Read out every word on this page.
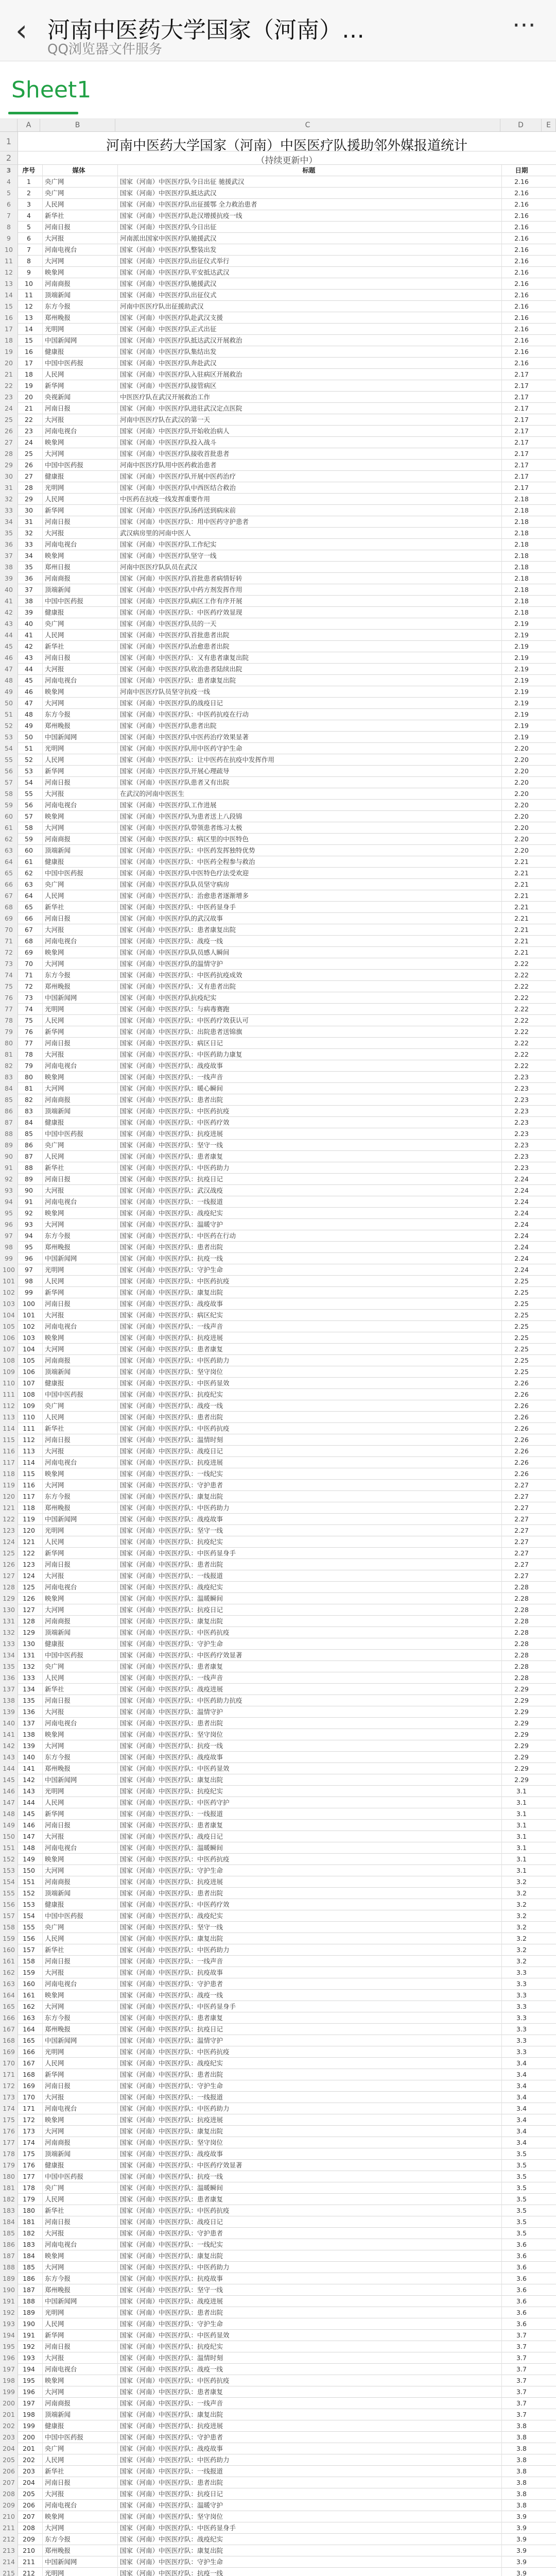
‹ 河南中医药大学国家（河南）…
QQ浏览器文件服务
⋯
Sheet1
A	B	C	D	E
1	河南中医药大学国家（河南）中医医疗队援助邻外媒报道统计
2	（持续更新中）
3	序号	媒体	标题	日期
4	1	央广网	国家（河南）中医医疗队今日出征 驰援武汉	2.16
5	2	央广网	国家（河南）中医医疗队抵达武汉	2.16
6	3	人民网	国家（河南）中医医疗队出征援鄂 全力救治患者	2.16
7	4	新华社	国家（河南）中医医疗队赴汉增援抗疫一线	2.16
8	5	河南日报	国家（河南）中医医疗队今日出征	2.16
9	6	大河报	河南派出国家中医医疗队驰援武汉	2.16
10	7	河南电视台	国家（河南）中医医疗队整装出发	2.16
11	8	大河网	国家（河南）中医医疗队出征仪式举行	2.16
12	9	映象网	国家（河南）中医医疗队平安抵达武汉	2.16
13	10	河南商报	国家（河南）中医医疗队驰援武汉	2.16
14	11	顶端新闻	国家（河南）中医医疗队出征仪式	2.16
15	12	东方今报	河南中医医疗队出征援助武汉	2.16
16	13	郑州晚报	国家（河南）中医医疗队赴武汉支援	2.16
17	14	光明网	国家（河南）中医医疗队正式出征	2.16
18	15	中国新闻网	国家（河南）中医医疗队抵达武汉开展救治	2.16
19	16	健康报	国家（河南）中医医疗队集结出发	2.16
20	17	中国中医药报	国家（河南）中医医疗队奔赴武汉	2.16
21	18	人民网	国家（河南）中医医疗队入驻病区开展救治	2.17
22	19	新华网	国家（河南）中医医疗队接管病区	2.17
23	20	央视新闻	中医医疗队在武汉开展救治工作	2.17
24	21	河南日报	国家（河南）中医医疗队进驻武汉定点医院	2.17
25	22	大河报	河南中医医疗队在武汉的第一天	2.17
26	23	河南电视台	国家（河南）中医医疗队开始收治病人	2.17
27	24	映象网	国家（河南）中医医疗队投入战斗	2.17
28	25	大河网	国家（河南）中医医疗队接收首批患者	2.17
29	26	中国中医药报	河南中医医疗队用中医药救治患者	2.17
30	27	健康报	国家（河南）中医医疗队开展中医药治疗	2.17
31	28	光明网	国家（河南）中医医疗队中西医结合救治	2.17
32	29	人民网	中医药在抗疫一线发挥重要作用	2.18
33	30	新华网	国家（河南）中医医疗队汤药送到病床前	2.18
34	31	河南日报	国家（河南）中医医疗队：用中医药守护患者	2.18
35	32	大河报	武汉病房里的河南中医人	2.18
36	33	河南电视台	国家（河南）中医医疗队工作纪实	2.18
37	34	映象网	国家（河南）中医医疗队坚守一线	2.18
38	35	郑州日报	河南中医医疗队队员在武汉	2.18
39	36	河南商报	国家（河南）中医医疗队首批患者病情好转	2.18
40	37	顶端新闻	国家（河南）中医医疗队中药方剂发挥作用	2.18
41	38	中国中医药报	国家（河南）中医医疗队病区工作有序开展	2.18
42	39	健康报	国家（河南）中医医疗队：中医药疗效显现	2.18
43	40	央广网	国家（河南）中医医疗队员的一天	2.19
44	41	人民网	国家（河南）中医医疗队首批患者出院	2.19
45	42	新华社	国家（河南）中医医疗队治愈患者出院	2.19
46	43	河南日报	国家（河南）中医医疗队：又有患者康复出院	2.19
47	44	大河报	国家（河南）中医医疗队收治患者陆续出院	2.19
48	45	河南电视台	国家（河南）中医医疗队：患者康复出院	2.19
49	46	映象网	河南中医医疗队员坚守抗疫一线	2.19
50	47	大河网	国家（河南）中医医疗队的战疫日记	2.19
51	48	东方今报	国家（河南）中医医疗队：中医药抗疫在行动	2.19
52	49	郑州晚报	国家（河南）中医医疗队患者出院	2.19
53	50	中国新闻网	国家（河南）中医医疗队中医药治疗效果显著	2.19
54	51	光明网	国家（河南）中医医疗队用中医药守护生命	2.20
55	52	人民网	国家（河南）中医医疗队：让中医药在抗疫中发挥作用	2.20
56	53	新华网	国家（河南）中医医疗队开展心理疏导	2.20
57	54	河南日报	国家（河南）中医医疗队患者又有出院	2.20
58	55	大河报	在武汉的河南中医医生	2.20
59	56	河南电视台	国家（河南）中医医疗队工作进展	2.20
60	57	映象网	国家（河南）中医医疗队为患者送上八段锦	2.20
61	58	大河网	国家（河南）中医医疗队带领患者练习太极	2.20
62	59	河南商报	国家（河南）中医医疗队：病区里的中医特色	2.20
63	60	顶端新闻	国家（河南）中医医疗队：中医药发挥独特优势	2.20
64	61	健康报	国家（河南）中医医疗队：中医药全程参与救治	2.21
65	62	中国中医药报	国家（河南）中医医疗队中医特色疗法受欢迎	2.21
66	63	央广网	国家（河南）中医医疗队队员坚守病房	2.21
67	64	人民网	国家（河南）中医医疗队：治愈患者逐渐增多	2.21
68	65	新华社	国家（河南）中医医疗队：中医药显身手	2.21
69	66	河南日报	国家（河南）中医医疗队的武汉故事	2.21
70	67	大河报	国家（河南）中医医疗队：患者康复出院	2.21
71	68	河南电视台	国家（河南）中医医疗队：战疫一线	2.21
72	69	映象网	国家（河南）中医医疗队队员感人瞬间	2.21
73	70	大河网	国家（河南）中医医疗队的温情守护	2.22
74	71	东方今报	国家（河南）中医医疗队：中医药抗疫成效	2.22
75	72	郑州晚报	国家（河南）中医医疗队：又有患者出院	2.22
76	73	中国新闻网	国家（河南）中医医疗队抗疫纪实	2.22
77	74	光明网	国家（河南）中医医疗队：与病毒赛跑	2.22
78	75	人民网	国家（河南）中医医疗队：中医药疗效获认可	2.22
79	76	新华网	国家（河南）中医医疗队：出院患者送锦旗	2.22
80	77	河南日报	国家（河南）中医医疗队：病区日记	2.22
81	78	大河报	国家（河南）中医医疗队：中医药助力康复	2.22
82	79	河南电视台	国家（河南）中医医疗队：战疫故事	2.22
83	80	映象网	国家（河南）中医医疗队：一线声音	2.23
84	81	大河网	国家（河南）中医医疗队：暖心瞬间	2.23
85	82	河南商报	国家（河南）中医医疗队：患者出院	2.23
86	83	顶端新闻	国家（河南）中医医疗队：中医药抗疫	2.23
87	84	健康报	国家（河南）中医医疗队：中医药疗效	2.23
88	85	中国中医药报	国家（河南）中医医疗队：抗疫进展	2.23
89	86	央广网	国家（河南）中医医疗队：坚守一线	2.23
90	87	人民网	国家（河南）中医医疗队：患者康复	2.23
91	88	新华社	国家（河南）中医医疗队：中医药助力	2.23
92	89	河南日报	国家（河南）中医医疗队：抗疫日记	2.24
93	90	大河报	国家（河南）中医医疗队：武汉战疫	2.24
94	91	河南电视台	国家（河南）中医医疗队：一线报道	2.24
95	92	映象网	国家（河南）中医医疗队：战疫纪实	2.24
96	93	大河网	国家（河南）中医医疗队：温暖守护	2.24
97	94	东方今报	国家（河南）中医医疗队：中医药在行动	2.24
98	95	郑州晚报	国家（河南）中医医疗队：患者出院	2.24
99	96	中国新闻网	国家（河南）中医医疗队：抗疫一线	2.24
100	97	光明网	国家（河南）中医医疗队：守护生命	2.24
101	98	人民网	国家（河南）中医医疗队：中医药抗疫	2.25
102	99	新华网	国家（河南）中医医疗队：康复出院	2.25
103	100	河南日报	国家（河南）中医医疗队：战疫故事	2.25
104	101	大河报	国家（河南）中医医疗队：病区纪实	2.25
105	102	河南电视台	国家（河南）中医医疗队：一线声音	2.25
106	103	映象网	国家（河南）中医医疗队：抗疫进展	2.25
107	104	大河网	国家（河南）中医医疗队：患者康复	2.25
108	105	河南商报	国家（河南）中医医疗队：中医药助力	2.25
109	106	顶端新闻	国家（河南）中医医疗队：坚守岗位	2.25
110	107	健康报	国家（河南）中医医疗队：中医药显效	2.26
111	108	中国中医药报	国家（河南）中医医疗队：抗疫纪实	2.26
112	109	央广网	国家（河南）中医医疗队：战疫一线	2.26
113	110	人民网	国家（河南）中医医疗队：患者出院	2.26
114	111	新华社	国家（河南）中医医疗队：中医药抗疫	2.26
115	112	河南日报	国家（河南）中医医疗队：温情时刻	2.26
116	113	大河报	国家（河南）中医医疗队：战疫日记	2.26
117	114	河南电视台	国家（河南）中医医疗队：抗疫进展	2.26
118	115	映象网	国家（河南）中医医疗队：一线纪实	2.26
119	116	大河网	国家（河南）中医医疗队：守护患者	2.27
120	117	东方今报	国家（河南）中医医疗队：康复出院	2.27
121	118	郑州晚报	国家（河南）中医医疗队：中医药助力	2.27
122	119	中国新闻网	国家（河南）中医医疗队：战疫故事	2.27
123	120	光明网	国家（河南）中医医疗队：坚守一线	2.27
124	121	人民网	国家（河南）中医医疗队：抗疫纪实	2.27
125	122	新华网	国家（河南）中医医疗队：中医药显身手	2.27
126	123	河南日报	国家（河南）中医医疗队：患者出院	2.27
127	124	大河报	国家（河南）中医医疗队：一线报道	2.27
128	125	河南电视台	国家（河南）中医医疗队：战疫纪实	2.28
129	126	映象网	国家（河南）中医医疗队：温暖瞬间	2.28
130	127	大河网	国家（河南）中医医疗队：抗疫日记	2.28
131	128	河南商报	国家（河南）中医医疗队：康复出院	2.28
132	129	顶端新闻	国家（河南）中医医疗队：中医药抗疫	2.28
133	130	健康报	国家（河南）中医医疗队：守护生命	2.28
134	131	中国中医药报	国家（河南）中医医疗队：中医药疗效显著	2.28
135	132	央广网	国家（河南）中医医疗队：患者康复	2.28
136	133	人民网	国家（河南）中医医疗队：一线声音	2.28
137	134	新华社	国家（河南）中医医疗队：战疫进展	2.29
138	135	河南日报	国家（河南）中医医疗队：中医药助力抗疫	2.29
139	136	大河报	国家（河南）中医医疗队：温情守护	2.29
140	137	河南电视台	国家（河南）中医医疗队：患者出院	2.29
141	138	映象网	国家（河南）中医医疗队：坚守岗位	2.29
142	139	大河网	国家（河南）中医医疗队：抗疫一线	2.29
143	140	东方今报	国家（河南）中医医疗队：战疫故事	2.29
144	141	郑州晚报	国家（河南）中医医疗队：中医药显效	2.29
145	142	中国新闻网	国家（河南）中医医疗队：康复出院	2.29
146	143	光明网	国家（河南）中医医疗队：抗疫纪实	3.1
147	144	人民网	国家（河南）中医医疗队：中医药守护	3.1
148	145	新华网	国家（河南）中医医疗队：一线报道	3.1
149	146	河南日报	国家（河南）中医医疗队：患者康复	3.1
150	147	大河报	国家（河南）中医医疗队：战疫日记	3.1
151	148	河南电视台	国家（河南）中医医疗队：温暖瞬间	3.1
152	149	映象网	国家（河南）中医医疗队：中医药抗疫	3.1
153	150	大河网	国家（河南）中医医疗队：守护生命	3.1
154	151	河南商报	国家（河南）中医医疗队：抗疫进展	3.2
155	152	顶端新闻	国家（河南）中医医疗队：患者出院	3.2
156	153	健康报	国家（河南）中医医疗队：中医药疗效	3.2
157	154	中国中医药报	国家（河南）中医医疗队：战疫纪实	3.2
158	155	央广网	国家（河南）中医医疗队：坚守一线	3.2
159	156	人民网	国家（河南）中医医疗队：康复出院	3.2
160	157	新华社	国家（河南）中医医疗队：中医药助力	3.2
161	158	河南日报	国家（河南）中医医疗队：一线声音	3.2
162	159	大河报	国家（河南）中医医疗队：抗疫故事	3.3
163	160	河南电视台	国家（河南）中医医疗队：守护患者	3.3
164	161	映象网	国家（河南）中医医疗队：战疫一线	3.3
165	162	大河网	国家（河南）中医医疗队：中医药显身手	3.3
166	163	东方今报	国家（河南）中医医疗队：患者康复	3.3
167	164	郑州晚报	国家（河南）中医医疗队：抗疫日记	3.3
168	165	中国新闻网	国家（河南）中医医疗队：温情守护	3.3
169	166	光明网	国家（河南）中医医疗队：中医药抗疫	3.3
170	167	人民网	国家（河南）中医医疗队：战疫纪实	3.4
171	168	新华网	国家（河南）中医医疗队：患者出院	3.4
172	169	河南日报	国家（河南）中医医疗队：守护生命	3.4
173	170	大河报	国家（河南）中医医疗队：一线报道	3.4
174	171	河南电视台	国家（河南）中医医疗队：中医药助力	3.4
175	172	映象网	国家（河南）中医医疗队：抗疫进展	3.4
176	173	大河网	国家（河南）中医医疗队：康复出院	3.4
177	174	河南商报	国家（河南）中医医疗队：坚守岗位	3.4
178	175	顶端新闻	国家（河南）中医医疗队：战疫故事	3.5
179	176	健康报	国家（河南）中医医疗队：中医药疗效显著	3.5
180	177	中国中医药报	国家（河南）中医医疗队：抗疫一线	3.5
181	178	央广网	国家（河南）中医医疗队：温暖瞬间	3.5
182	179	人民网	国家（河南）中医医疗队：患者康复	3.5
183	180	新华社	国家（河南）中医医疗队：中医药抗疫	3.5
184	181	河南日报	国家（河南）中医医疗队：战疫日记	3.5
185	182	大河报	国家（河南）中医医疗队：守护患者	3.5
186	183	河南电视台	国家（河南）中医医疗队：一线纪实	3.6
187	184	映象网	国家（河南）中医医疗队：康复出院	3.6
188	185	大河网	国家（河南）中医医疗队：中医药助力	3.6
189	186	东方今报	国家（河南）中医医疗队：抗疫故事	3.6
190	187	郑州晚报	国家（河南）中医医疗队：坚守一线	3.6
191	188	中国新闻网	国家（河南）中医医疗队：战疫进展	3.6
192	189	光明网	国家（河南）中医医疗队：患者出院	3.6
193	190	人民网	国家（河南）中医医疗队：守护生命	3.6
194	191	新华网	国家（河南）中医医疗队：中医药显效	3.7
195	192	河南日报	国家（河南）中医医疗队：抗疫纪实	3.7
196	193	大河报	国家（河南）中医医疗队：温情时刻	3.7
197	194	河南电视台	国家（河南）中医医疗队：战疫一线	3.7
198	195	映象网	国家（河南）中医医疗队：中医药抗疫	3.7
199	196	大河网	国家（河南）中医医疗队：患者康复	3.7
200	197	河南商报	国家（河南）中医医疗队：一线声音	3.7
201	198	顶端新闻	国家（河南）中医医疗队：康复出院	3.7
202	199	健康报	国家（河南）中医医疗队：抗疫进展	3.8
203	200	中国中医药报	国家（河南）中医医疗队：守护患者	3.8
204	201	央广网	国家（河南）中医医疗队：战疫故事	3.8
205	202	人民网	国家（河南）中医医疗队：中医药助力	3.8
206	203	新华社	国家（河南）中医医疗队：一线报道	3.8
207	204	河南日报	国家（河南）中医医疗队：患者出院	3.8
208	205	大河报	国家（河南）中医医疗队：抗疫日记	3.8
209	206	河南电视台	国家（河南）中医医疗队：温暖守护	3.8
210	207	映象网	国家（河南）中医医疗队：坚守岗位	3.9
211	208	大河网	国家（河南）中医医疗队：中医药显身手	3.9
212	209	东方今报	国家（河南）中医医疗队：战疫纪实	3.9
213	210	郑州晚报	国家（河南）中医医疗队：康复出院	3.9
214	211	中国新闻网	国家（河南）中医医疗队：守护生命	3.9
215	212	光明网	国家（河南）中医医疗队：抗疫一线	3.9
